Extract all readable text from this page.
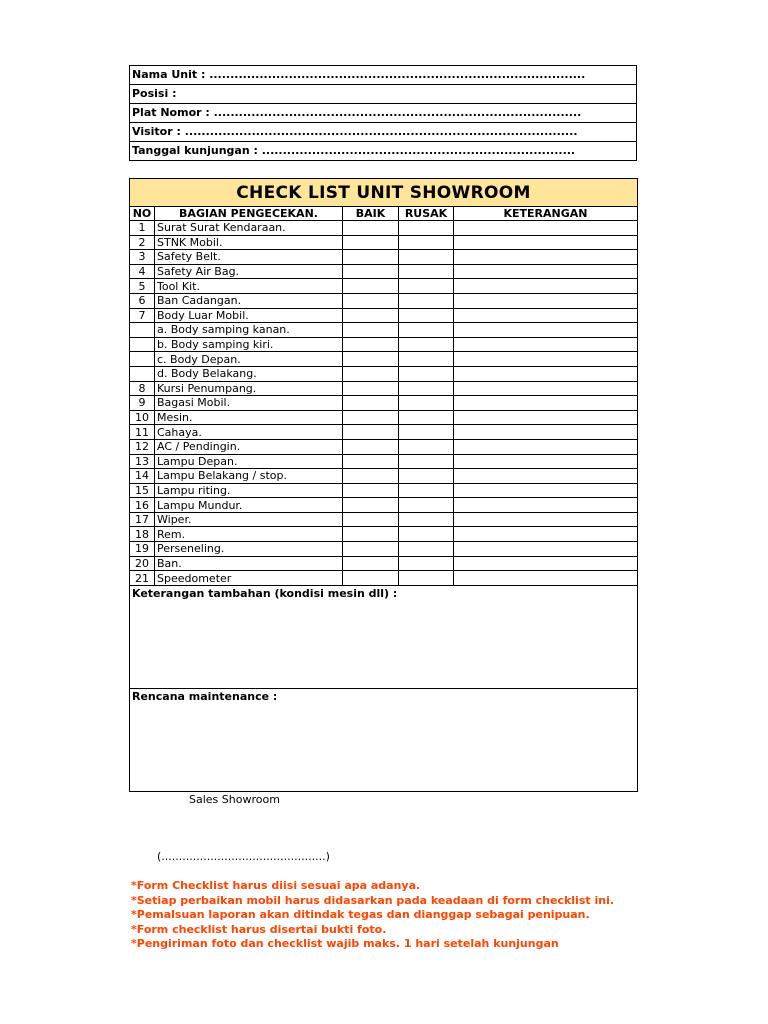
Nama Unit : ..........................................................................................
Posisi :
Plat Nomor : ........................................................................................
Visitor : ..............................................................................................
Tanggal kunjungan : ...........................................................................
CHECK LIST UNIT SHOWROOM				
NO	BAGIAN PENGECEKAN.	BAIK	RUSAK	KETERANGAN
1	Surat Surat Kendaraan.			
2	STNK Mobil.			
3	Safety Belt.			
4	Safety Air Bag.			
5	Tool Kit.			
6	Ban Cadangan.			
7	Body Luar Mobil.			
	a. Body samping kanan.			
	b. Body samping kiri.			
	c. Body Depan.			
	d. Body Belakang.			
8	Kursi Penumpang.			
9	Bagasi Mobil.			
10	Mesin.			
11	Cahaya.			
12	AC / Pendingin.			
13	Lampu Depan.			
14	Lampu Belakang / stop.			
15	Lampu riting.			
16	Lampu Mundur.			
17	Wiper.			
18	Rem.			
19	Perseneling.			
20	Ban.			
21	Speedometer			
Keterangan tambahan (kondisi mesin dll) :				
Rencana maintenance :				
Sales Showroom
(...............................................)
*Form Checklist harus diisi sesuai apa adanya.
*Setiap perbaikan mobil harus didasarkan pada keadaan di form checklist ini.
*Pemalsuan laporan akan ditindak tegas dan dianggap sebagai penipuan.
*Form checklist harus disertai bukti foto.
*Pengiriman foto dan checklist wajib maks. 1 hari setelah kunjungan
